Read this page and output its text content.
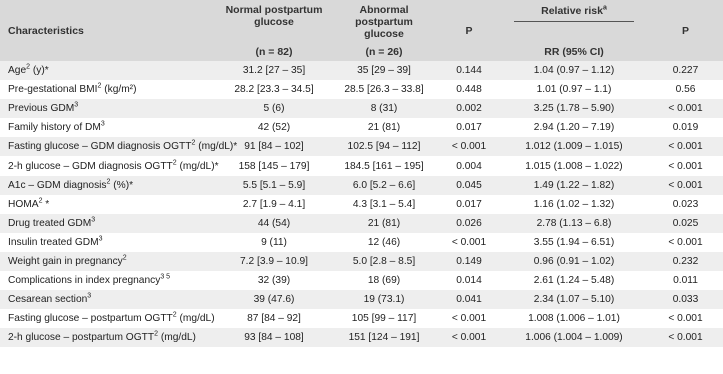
Characteristics	Normal postpartum glucose	Abnormal postpartum glucose	P	Relative risk$^a$	P
	(n = 82)	(n = 26)		RR (95% CI)	
Age$^2$ (y)*	31.2 [27 – 35]	35 [29 – 39]	0.144	1.04 (0.97 – 1.12)	0.227
Pre-gestational BMI$^2$ (kg/m²)	28.2 [23.3 – 34.5]	28.5 [26.3 – 33.8]	0.448	1.01 (0.97 – 1.1)	0.56
Previous GDM$^3$	5 (6)	8 (31)	0.002	3.25 (1.78 – 5.90)	< 0.001
Family history of $DM^3$	42 (52)	21 (81)	0.017	2.94 (1.20 – 7.19)	0.019
Fasting glucose – GDM diagnosis OGTT$^2$ (mg/dL)*	91 [84 – 102]	102.5 [94 – 112]	< 0.001	1.012 (1.009 – 1.015)	< 0.001
2-h glucose – GDM diagnosis OGTT$^2$ (mg/dL)*	158 [145 – 179]	184.5 [161 – 195]	0.004	1.015 (1.008 – 1.022)	< 0.001
A1c – GDM diagnosis$^2$ (%)*	5.5 [5.1 – 5.9]	6.0 [5.2 – 6.6]	0.045	1.49 (1.22 – 1.82)	< 0.001
HOMA$^2$ *	2.7 [1.9 – 4.1]	4.3 [3.1 – 5.4]	0.017	1.16 (1.02 – 1.32)	0.023
Drug treated GDM$^3$	44 (54)	21 (81)	0.026	2.78 (1.13 – 6.8)	0.025
Insulin treated GDM$^3$	9 (11)	12 (46)	< 0.001	3.55 (1.94 – 6.51)	< 0.001
Weight gain in pregnancy$^2$	7.2 [3.9 – 10.9]	5.0 [2.8 – 8.5]	0.149	0.96 (0.91 – 1.02)	0.232
Complications in index pregnancy$^{3 5}$	32 (39)	18 (69)	0.014	2.61 (1.24 – 5.48)	0.011
Cesarean section$^3$	39 (47.6)	19 (73.1)	0.041	2.34 (1.07 – 5.10)	0.033
Fasting glucose – postpartum OGTT$^2$ (mg/dL)	87 [84 – 92]	105 [99 – 117]	< 0.001	1.008 (1.006 – 1.01)	< 0.001
2-h glucose – postpartum OGTT$^2$ (mg/dL)	93 [84 – 108]	151 [124 – 191]	< 0.001	1.006 (1.004 – 1.009)	< 0.001
